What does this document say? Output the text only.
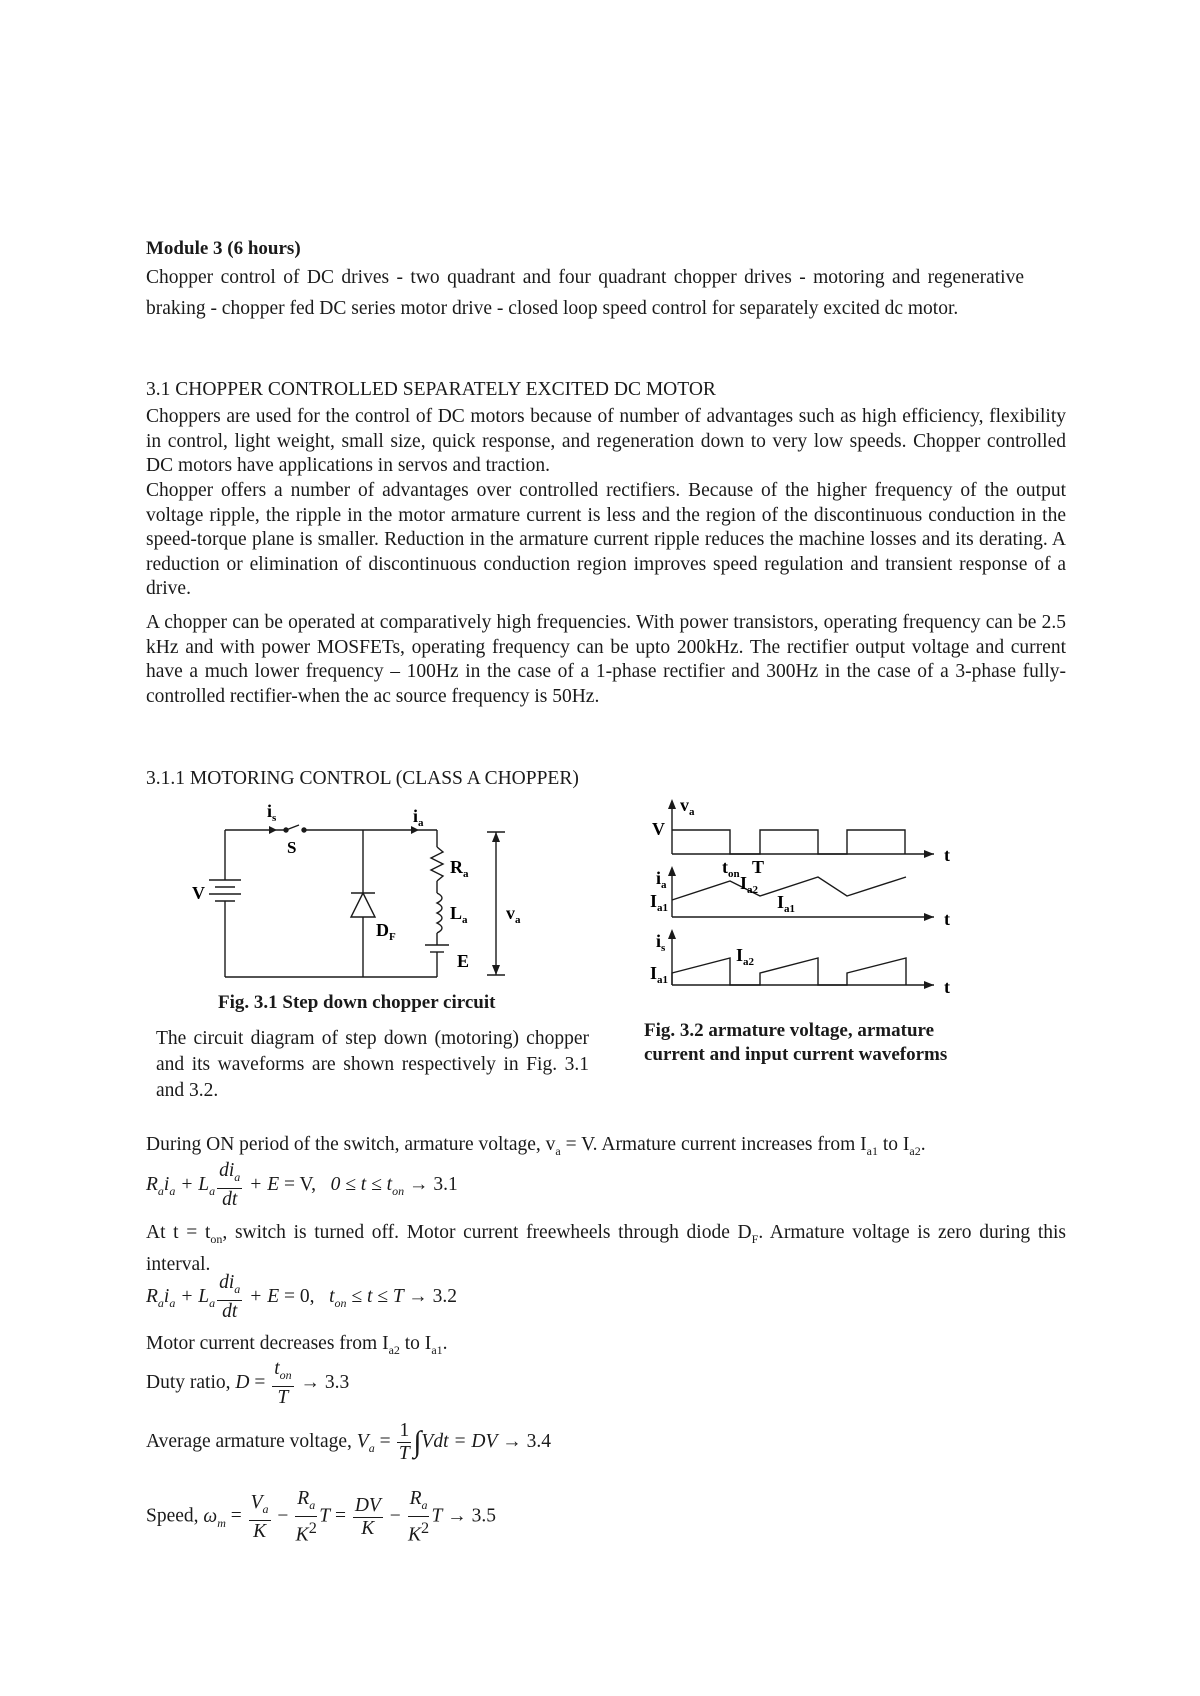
Module 3 (6 hours)

Chopper control of DC drives - two quadrant and four quadrant chopper drives - motoring and regenerative braking - chopper fed DC series motor drive - closed loop speed control for separately excited dc motor.

3.1 CHOPPER CONTROLLED SEPARATELY EXCITED DC MOTOR

Choppers are used for the control of DC motors because of number of advantages such as high efficiency, flexibility in control, light weight, small size, quick response, and regeneration down to very low speeds. Chopper controlled DC motors have applications in servos and traction.

Chopper offers a number of advantages over controlled rectifiers. Because of the higher frequency of the output voltage ripple, the ripple in the motor armature current is less and the region of the discontinuous conduction in the speed-torque plane is smaller. Reduction in the armature current ripple reduces the machine losses and its derating. A reduction or elimination of discontinuous conduction region improves speed regulation and transient response of a drive.

A chopper can be operated at comparatively high frequencies. With power transistors, operating frequency can be 2.5 kHz and with power MOSFETs, operating frequency can be upto 200kHz. The rectifier output voltage and current have a much lower frequency – 100Hz in the case of a 1-phase rectifier and 300Hz in the case of a 3-phase fully-controlled rectifier-when the ac source frequency is 50Hz.

3.1.1 MOTORING CONTROL (CLASS A CHOPPER)
$i_s$	$i_a$
S
V
$D_F$
$R_a$
$L_a$
E
$v_a$
Fig. 3.1 Step down chopper circuit

The circuit diagram of step down (motoring) chopper and its waveforms are shown respectively in Fig. 3.1 and 3.2.

$v_a$
V
t
$t_{on}$ T
$i_a$
$I_{a1}$
$I_{a2}$
$I_{a1}$	t
$i_s$	$I_{a2}$
$I_{a1}$	t
Fig. 3.2 armature voltage, armature
current and input current waveforms
During ON period of the switch, armature voltage, $v_a = V$. Armature current increases from $I_{a1}$ to $I_{a2}$.
$R_ai_a + L_a \frac{di_a}{dt} + E = V$, $0 \le t \le t_{on} \to 3.1$
At $t = t_{on}$, switch is turned off. Motor current freewheels through diode $D_F$. Armature voltage is zero during this interval.
$R_ai_a + L_a \frac{di_a}{dt} + E = 0$,   $t_{on} \le t \le T \to 3.2$
Motor current decreases from $I_{a2}$ to $I_{a1}$.
Duty ratio, $D = \frac{t_{on}}{T} \to 3.3$
Average armature voltage, $V_a = \frac{1}{T} \int Vdt$ = DV → 3.4
Speed, $\omega_m = \frac{V_a}{K} - \frac{R_a}{K^2}$ $T = \frac{DV}{K} - \frac{R_a}{K^2}$ T → 3.5
